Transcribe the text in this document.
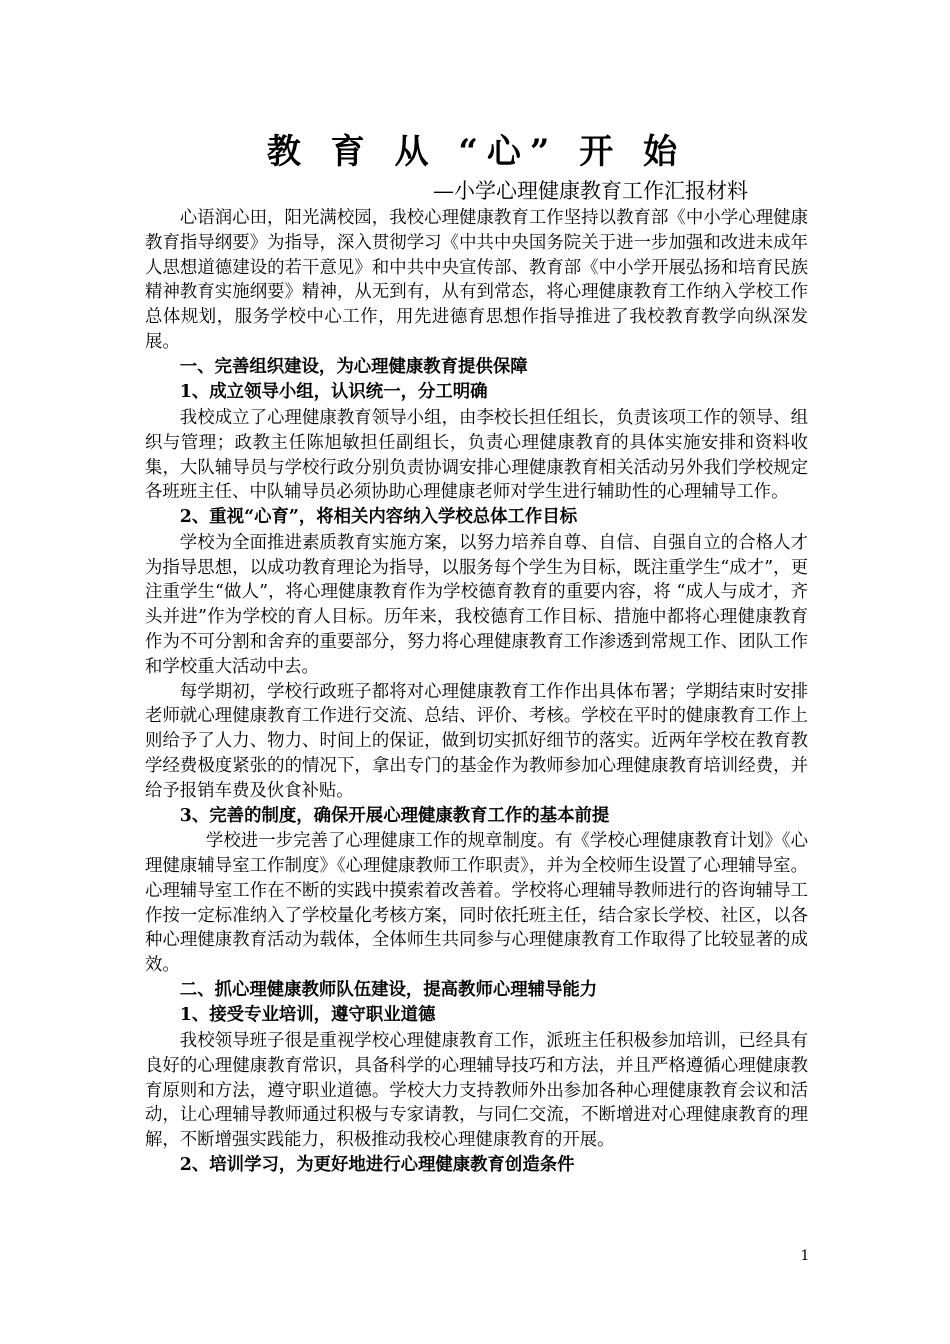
教 育 从 “心” 开 始

—小学心理健康教育工作汇报材料

心语润心田，阳光满校园，我校心理健康教育工作坚持以教育部《中小学心理健康教育指导纲要》为指导，深入贯彻学习《中共中央国务院关于进一步加强和改进未成年人思想道德建设的若干意见》和中共中央宣传部、教育部《中小学开展弘扬和培育民族精神教育实施纲要》精神，从无到有，从有到常态，将心理健康教育工作纳入学校工作总体规划，服务学校中心工作，用先进德育思想作指导推进了我校教育教学向纵深发展。

一、完善组织建设，为心理健康教育提供保障
1、成立领导小组，认识统一，分工明确

我校成立了心理健康教育领导小组，由李校长担任组长，负责该项工作的领导、组织与管理；政教主任陈旭敏担任副组长，负责心理健康教育的具体实施安排和资料收集，大队辅导员与学校行政分别负责协调安排心理健康教育相关活动另外我们学校规定各班班主任、中队辅导员必须协助心理健康老师对学生进行辅助性的心理辅导工作。

2、重视“心育”，将相关内容纳入学校总体工作目标

学校为全面推进素质教育实施方案，以努力培养自尊、自信、自强自立的合格人才为指导思想，以成功教育理论为指导，以服务每个学生为目标，既注重学生“成才”，更注重学生“做人”，将心理健康教育作为学校德育教育的重要内容，将 “成人与成才，齐头并进”作为学校的育人目标。历年来，我校德育工作目标、措施中都将心理健康教育作为不可分割和舍弃的重要部分，努力将心理健康教育工作渗透到常规工作、团队工作和学校重大活动中去。

每学期初，学校行政班子都将对心理健康教育工作作出具体布署；学期结束时安排老师就心理健康教育工作进行交流、总结、评价、考核。学校在平时的健康教育工作上则给予了人力、物力、时间上的保证，做到切实抓好细节的落实。近两年学校在教育教学经费极度紧张的的情况下，拿出专门的基金作为教师参加心理健康教育培训经费，并给予报销车费及伙食补贴。

3、完善的制度，确保开展心理健康教育工作的基本前提

学校进一步完善了心理健康工作的规章制度。有《学校心理健康教育计划》《心理健康辅导室工作制度》《心理健康教师工作职责》，并为全校师生设置了心理辅导室。心理辅导室工作在不断的实践中摸索着改善着。学校将心理辅导教师进行的咨询辅导工作按一定标准纳入了学校量化考核方案，同时依托班主任，结合家长学校、社区，以各种心理健康教育活动为载体，全体师生共同参与心理健康教育工作取得了比较显著的成效。

二、抓心理健康教师队伍建设，提高教师心理辅导能力
1、接受专业培训，遵守职业道德

我校领导班子很是重视学校心理健康教育工作，派班主任积极参加培训，已经具有良好的心理健康教育常识，具备科学的心理辅导技巧和方法，并且严格遵循心理健康教育原则和方法，遵守职业道德。学校大力支持教师外出参加各种心理健康教育会议和活动，让心理辅导教师通过积极与专家请教，与同仁交流，不断增进对心理健康教育的理解，不断增强实践能力，积极推动我校心理健康教育的开展。

2、培训学习，为更好地进行心理健康教育创造条件
1
